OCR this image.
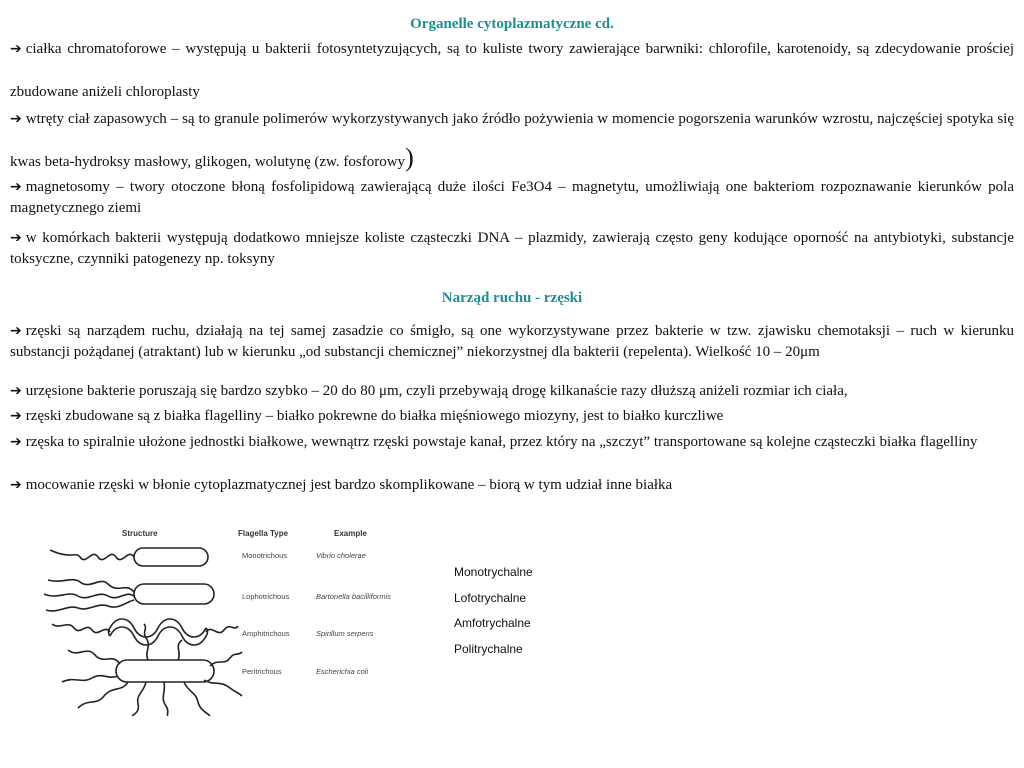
Organelle cytoplazmatyczne cd.
➔ ciałka chromatoforowe – występują u bakterii fotosyntetyzujących, są to kuliste twory zawierające barwniki: chlorofile, karotenoidy, są zdecydowanie prościej zbudowane aniżeli chloroplasty
➔ wtręty ciał zapasowych – są to granule polimerów wykorzystywanych jako źródło pożywienia w momencie pogorszenia warunków wzrostu, najczęściej spotyka się kwas beta-hydroksy masłowy, glikogen, wolutynę (zw. fosforowy)
➔ magnetosomy – twory otoczone błoną fosfolipidową zawierającą duże ilości Fe3O4 – magnetytu, umożliwiają one bakteriom rozpoznawanie kierunków pola magnetycznego ziemi
➔ w komórkach bakterii występują dodatkowo mniejsze koliste cząsteczki DNA – plazmidy, zawierają często geny kodujące oporność na antybiotyki, substancje toksyczne, czynniki patogenezy np. toksyny
Narząd ruchu - rzęski
➔ rzęski są narządem ruchu, działają na tej samej zasadzie co śmigło, są one wykorzystywane przez bakterie w tzw. zjawisku chemotaksji – ruch w kierunku substancji pożądanej (atraktant) lub w kierunku „od substancji chemicznej” niekorzystnej dla bakterii (repelenta). Wielkość 10 – 20μm
➔ urzęsione bakterie poruszają się bardzo szybko – 20 do 80 μm, czyli przebywają drogę kilkanaście razy dłuższą aniżeli rozmiar ich ciała,
➔ rzęski zbudowane są z białka flagelliny – białko pokrewne do białka mięśniowego miozyny, jest to białko kurczliwe
➔ rzęska to spiralnie ułożone jednostki białkowe, wewnątrz rzęski powstaje kanał, przez który na „szczyt” transportowane są kolejne cząsteczki białka flagelliny
➔ mocowanie rzęski w błonie cytoplazmatycznej jest bardzo skomplikowane – biorą w tym udział inne białka
Structure	Flagella Type	Example
Monotrichous	Vibrio cholerae
Lophotrichous	Bartonella bacilliformis
Amphitrichous	Spirillum serpens
Peritrichous	Escherichia coli
Monotrychalne
Lofotrychalne
Amfotrychalne
Politrychalne
